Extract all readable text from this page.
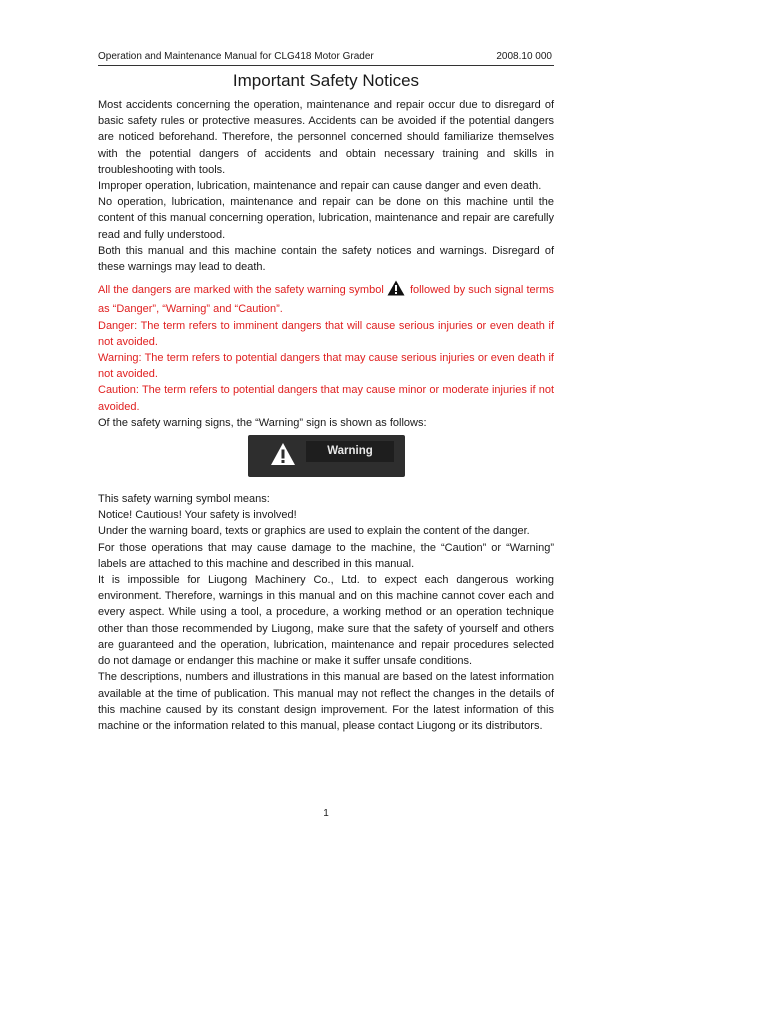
Operation and Maintenance Manual for CLG418 Motor Grader	2008.10 000
Important Safety Notices

Most accidents concerning the operation, maintenance and repair occur due to disregard of basic safety rules or protective measures. Accidents can be avoided if the potential dangers are noticed beforehand. Therefore, the personnel concerned should familiarize themselves with the potential dangers of accidents and obtain necessary training and skills in troubleshooting with tools.

Improper operation, lubrication, maintenance and repair can cause danger and even death.

No operation, lubrication, maintenance and repair can be done on this machine until the content of this manual concerning operation, lubrication, maintenance and repair are carefully read and fully understood.

Both this manual and this machine contain the safety notices and warnings. Disregard of these warnings may lead to death.

All the dangers are marked with the safety warning symbol followed by such signal terms as “Danger”, “Warning” and “Caution”.

Danger: The term refers to imminent dangers that will cause serious injuries or even death if not avoided.

Warning: The term refers to potential dangers that may cause serious injuries or even death if not avoided.

Caution: The term refers to potential dangers that may cause minor or moderate injuries if not avoided.

Of the safety warning signs, the “Warning” sign is shown as follows:

Warning

This safety warning symbol means:

Notice! Cautious! Your safety is involved!

Under the warning board, texts or graphics are used to explain the content of the danger.

For those operations that may cause damage to the machine, the “Caution” or “Warning” labels are attached to this machine and described in this manual.

It is impossible for Liugong Machinery Co., Ltd. to expect each dangerous working environment. Therefore, warnings in this manual and on this machine cannot cover each and every aspect. While using a tool, a procedure, a working method or an operation technique other than those recommended by Liugong, make sure that the safety of yourself and others are guaranteed and the operation, lubrication, maintenance and repair procedures selected do not damage or endanger this machine or make it suffer unsafe conditions.

The descriptions, numbers and illustrations in this manual are based on the latest information available at the time of publication. This manual may not reflect the changes in the details of this machine caused by its constant design improvement. For the latest information of this machine or the information related to this manual, please contact Liugong or its distributors.

1
